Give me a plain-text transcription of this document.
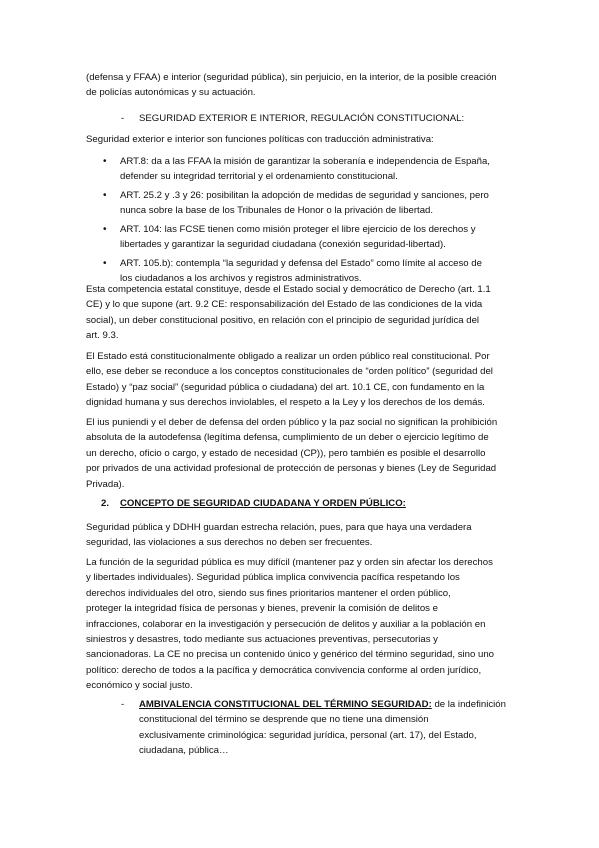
(defensa y FFAA) e interior (seguridad pública), sin perjuicio, en la interior, de la posible creación
de policías autonómicas y su actuación.
- SEGURIDAD EXTERIOR E INTERIOR, REGULACIÓN CONSTITUCIONAL:
Seguridad exterior e interior son funciones políticas con traducción administrativa:
• ART.8: da a las FFAA la misión de garantizar la soberanía e independencia de España,
defender su integridad territorial y el ordenamiento constitucional.
• ART. 25.2 y .3 y 26: posibilitan la adopción de medidas de seguridad y sanciones, pero
nunca sobre la base de los Tribunales de Honor o la privación de libertad.
• ART. 104: las FCSE tienen como misión proteger el libre ejercicio de los derechos y
libertades y garantizar la seguridad ciudadana (conexión seguridad-libertad).
• ART. 105.b): contempla “la seguridad y defensa del Estado” como límite al acceso de
los ciudadanos a los archivos y registros administrativos.
Esta competencia estatal constituye, desde el Estado social y democrático de Derecho (art. 1.1
CE) y lo que supone (art. 9.2 CE: responsabilización del Estado de las condiciones de la vida
social), un deber constitucional positivo, en relación con el principio de seguridad jurídica del
art. 9.3.
El Estado está constitucionalmente obligado a realizar un orden público real constitucional. Por
ello, ese deber se reconduce a los conceptos constitucionales de “orden político” (seguridad del
Estado) y “paz social” (seguridad pública o ciudadana) del art. 10.1 CE, con fundamento en la
dignidad humana y sus derechos inviolables, el respeto a la Ley y los derechos de los demás.
El ius puniendi y el deber de defensa del orden público y la paz social no significan la prohibición
absoluta de la autodefensa (legítima defensa, cumplimiento de un deber o ejercicio legítimo de
un derecho, oficio o cargo, y estado de necesidad (CP)), pero también es posible el desarrollo
por privados de una actividad profesional de protección de personas y bienes (Ley de Seguridad
Privada).
2. CONCEPTO DE SEGURIDAD CIUDADANA Y ORDEN PÚBLICO:
Seguridad pública y DDHH guardan estrecha relación, pues, para que haya una verdadera
seguridad, las violaciones a sus derechos no deben ser frecuentes.
La función de la seguridad pública es muy difícil (mantener paz y orden sin afectar los derechos
y libertades individuales). Seguridad pública implica convivencia pacífica respetando los
derechos individuales del otro, siendo sus fines prioritarios mantener el orden público,
proteger la integridad física de personas y bienes, prevenir la comisión de delitos e
infracciones, colaborar en la investigación y persecución de delitos y auxiliar a la población en
siniestros y desastres, todo mediante sus actuaciones preventivas, persecutorias y
sancionadoras. La CE no precisa un contenido único y genérico del término seguridad, sino uno
político: derecho de todos a la pacífica y democrática convivencia conforme al orden jurídico,
económico y social justo.
- AMBIVALENCIA CONSTITUCIONAL DEL TÉRMINO SEGURIDAD: de la indefinición
constitucional del término se desprende que no tiene una dimensión
exclusivamente criminológica: seguridad jurídica, personal (art. 17), del Estado,
ciudadana, pública…
